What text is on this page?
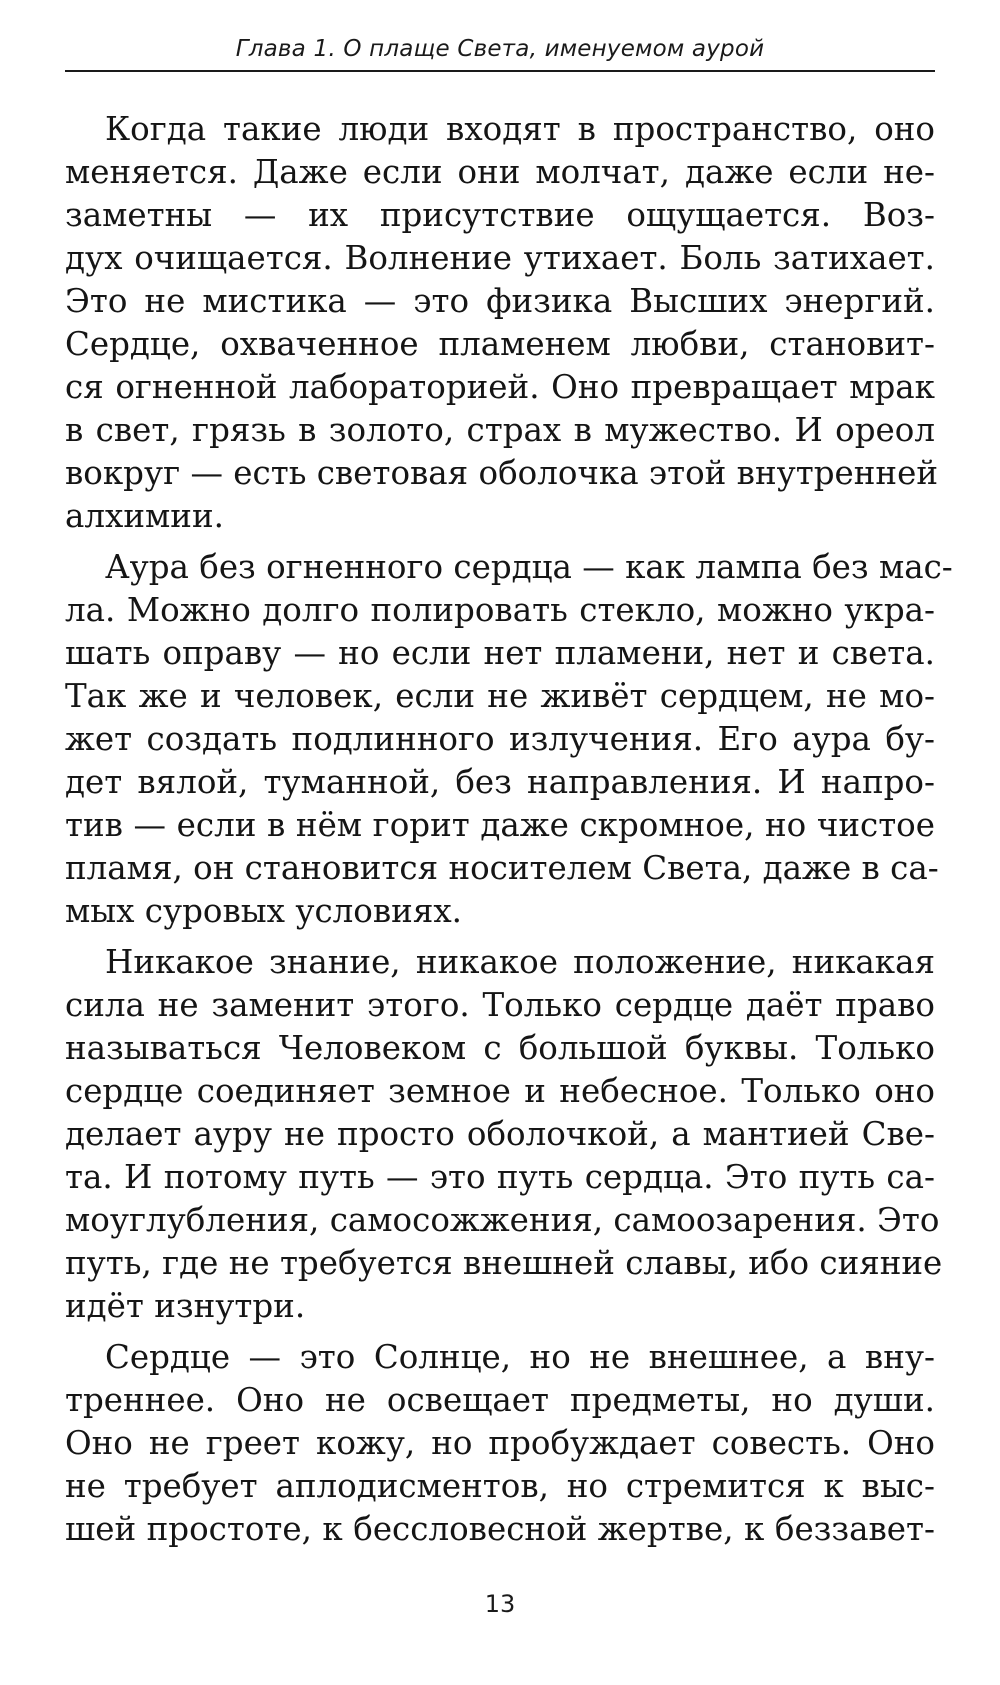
Глава 1. О плаще Света, именуемом аурой
Когда такие люди входят в пространство, оно
меняется. Даже если они молчат, даже если не-
заметны — их присутствие ощущается. Воз-
дух очищается. Волнение утихает. Боль затихает.
Это не мистика — это физика Высших энергий.
Сердце, охваченное пламенем любви, становит-
ся огненной лабораторией. Оно превращает мрак
в свет, грязь в золото, страх в мужество. И ореол
вокруг — есть световая оболочка этой внутренней
алхимии.
Аура без огненного сердца — как лампа без мас-
ла. Можно долго полировать стекло, можно укра-
шать оправу — но если нет пламени, нет и света.
Так же и человек, если не живёт сердцем, не мо-
жет создать подлинного излучения. Его аура бу-
дет вялой, туманной, без направления. И напро-
тив — если в нём горит даже скромное, но чистое
пламя, он становится носителем Света, даже в са-
мых суровых условиях.
Никакое знание, никакое положение, никакая
сила не заменит этого. Только сердце даёт право
называться Человеком с большой буквы. Только
сердце соединяет земное и небесное. Только оно
делает ауру не просто оболочкой, а мантией Све-
та. И потому путь — это путь сердца. Это путь са-
моуглубления, самосожжения, самоозарения. Это
путь, где не требуется внешней славы, ибо сияние
идёт изнутри.
Сердце — это Солнце, но не внешнее, а вну-
треннее. Оно не освещает предметы, но души.
Оно не греет кожу, но пробуждает совесть. Оно
не требует аплодисментов, но стремится к выс-
шей простоте, к бессловесной жертве, к беззавет-
13
